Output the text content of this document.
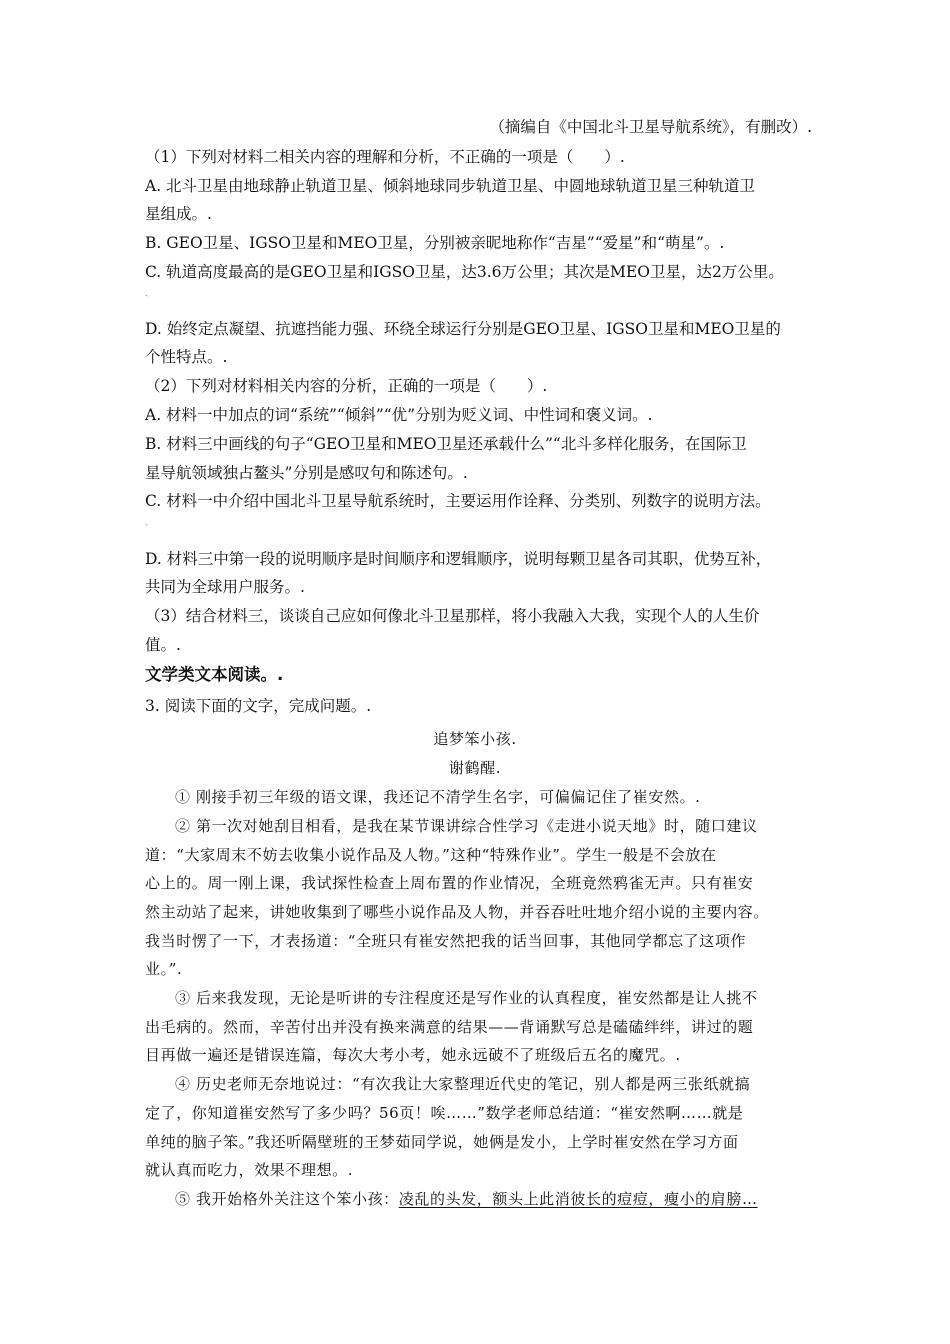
（摘编自《中国北斗卫星导航系统》，有删改）.
（1）下列对材料二相关内容的理解和分析，不正确的一项是（　　）.
A. 北斗卫星由地球静止轨道卫星、倾斜地球同步轨道卫星、中圆地球轨道卫星三种轨道卫
星组成。.
B. GEO卫星、IGSO卫星和MEO卫星，分别被亲昵地称作“吉星”“爱星”和“萌星”。.
C. 轨道高度最高的是GEO卫星和IGSO卫星，达3.6万公里；其次是MEO卫星，达2万公里。
ˎ
D. 始终定点凝望、抗遮挡能力强、环绕全球运行分别是GEO卫星、IGSO卫星和MEO卫星的
个性特点。.
（2）下列对材料相关内容的分析，正确的一项是（　　）.
A. 材料一中加点的词“系统”“倾斜”“优”分别为贬义词、中性词和褒义词。.
B. 材料三中画线的句子“GEO卫星和MEO卫星还承载什么”“北斗多样化服务，在国际卫
星导航领域独占鳌头”分别是感叹句和陈述句。.
C. 材料一中介绍中国北斗卫星导航系统时，主要运用作诠释、分类别、列数字的说明方法。
ˎ
D. 材料三中第一段的说明顺序是时间顺序和逻辑顺序，说明每颗卫星各司其职，优势互补，
共同为全球用户服务。.
（3）结合材料三，谈谈自己应如何像北斗卫星那样，将小我融入大我，实现个人的人生价
值。.
文学类文本阅读。.
3. 阅读下面的文字，完成问题。.
追梦笨小孩.
谢鹤醒.
① 刚接手初三年级的语文课，我还记不清学生名字，可偏偏记住了崔安然。.
② 第一次对她刮目相看，是我在某节课讲综合性学习《走进小说天地》时，随口建议
道：“大家周末不妨去收集小说作品及人物。”这种“特殊作业”。学生一般是不会放在
心上的。周一刚上课，我试探性检查上周布置的作业情况，全班竟然鸦雀无声。只有崔安
然主动站了起来，讲她收集到了哪些小说作品及人物，并吞吞吐吐地介绍小说的主要内容。
我当时愣了一下，才表扬道：“全班只有崔安然把我的话当回事，其他同学都忘了这项作
业。”.
③ 后来我发现，无论是听讲的专注程度还是写作业的认真程度，崔安然都是让人挑不
出毛病的。然而，辛苦付出并没有换来满意的结果——背诵默写总是磕磕绊绊，讲过的题
目再做一遍还是错误连篇，每次大考小考，她永远破不了班级后五名的魔咒。.
④ 历史老师无奈地说过：“有次我让大家整理近代史的笔记，别人都是两三张纸就搞
定了，你知道崔安然写了多少吗？56页！唉……”数学老师总结道：“崔安然啊……就是
单纯的脑子笨。”我还听隔壁班的王梦茹同学说，她俩是发小，上学时崔安然在学习方面
就认真而吃力，效果不理想。.
⑤ 我开始格外关注这个笨小孩：凌乱的头发，额头上此消彼长的痘痘，瘦小的肩膀…
